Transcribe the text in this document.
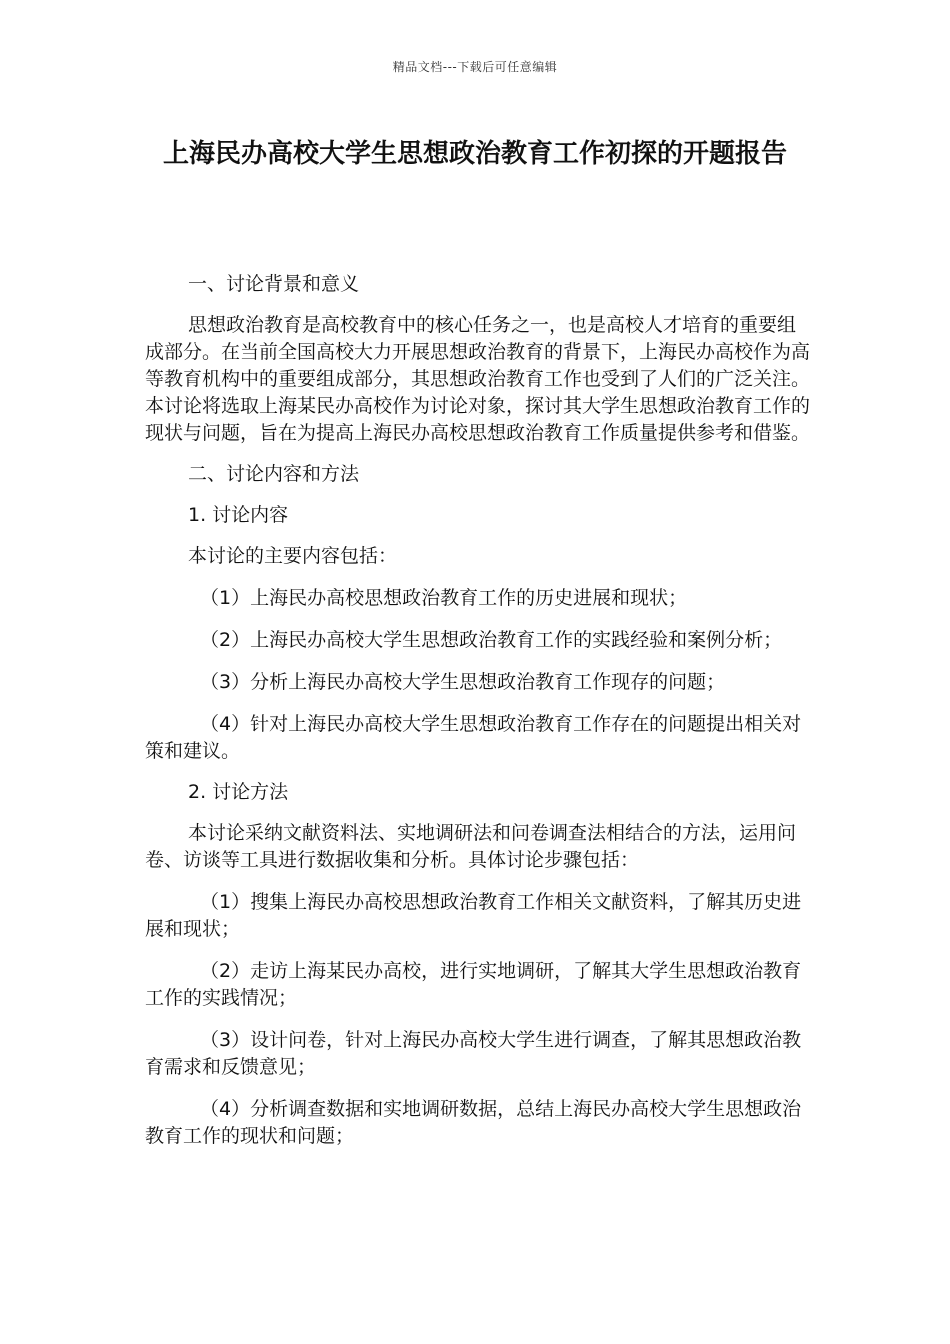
精品文档---下载后可任意编辑
上海民办高校大学生思想政治教育工作初探的开题报告

一、讨论背景和意义

思想政治教育是高校教育中的核心任务之一，也是高校人才培育的重要组成部分。在当前全国高校大力开展思想政治教育的背景下，上海民办高校作为高等教育机构中的重要组成部分，其思想政治教育工作也受到了人们的广泛关注。本讨论将选取上海某民办高校作为讨论对象，探讨其大学生思想政治教育工作的现状与问题，旨在为提高上海民办高校思想政治教育工作质量提供参考和借鉴。

二、讨论内容和方法

1. 讨论内容

本讨论的主要内容包括：

（1）上海民办高校思想政治教育工作的历史进展和现状；

（2）上海民办高校大学生思想政治教育工作的实践经验和案例分析；

（3）分析上海民办高校大学生思想政治教育工作现存的问题；

（4）针对上海民办高校大学生思想政治教育工作存在的问题提出相关对策和建议。

2. 讨论方法

本讨论采纳文献资料法、实地调研法和问卷调查法相结合的方法，运用问卷、访谈等工具进行数据收集和分析。具体讨论步骤包括：

（1）搜集上海民办高校思想政治教育工作相关文献资料，了解其历史进展和现状；

（2）走访上海某民办高校，进行实地调研，了解其大学生思想政治教育工作的实践情况；

（3）设计问卷，针对上海民办高校大学生进行调查，了解其思想政治教育需求和反馈意见；

（4）分析调查数据和实地调研数据，总结上海民办高校大学生思想政治教育工作的现状和问题；
